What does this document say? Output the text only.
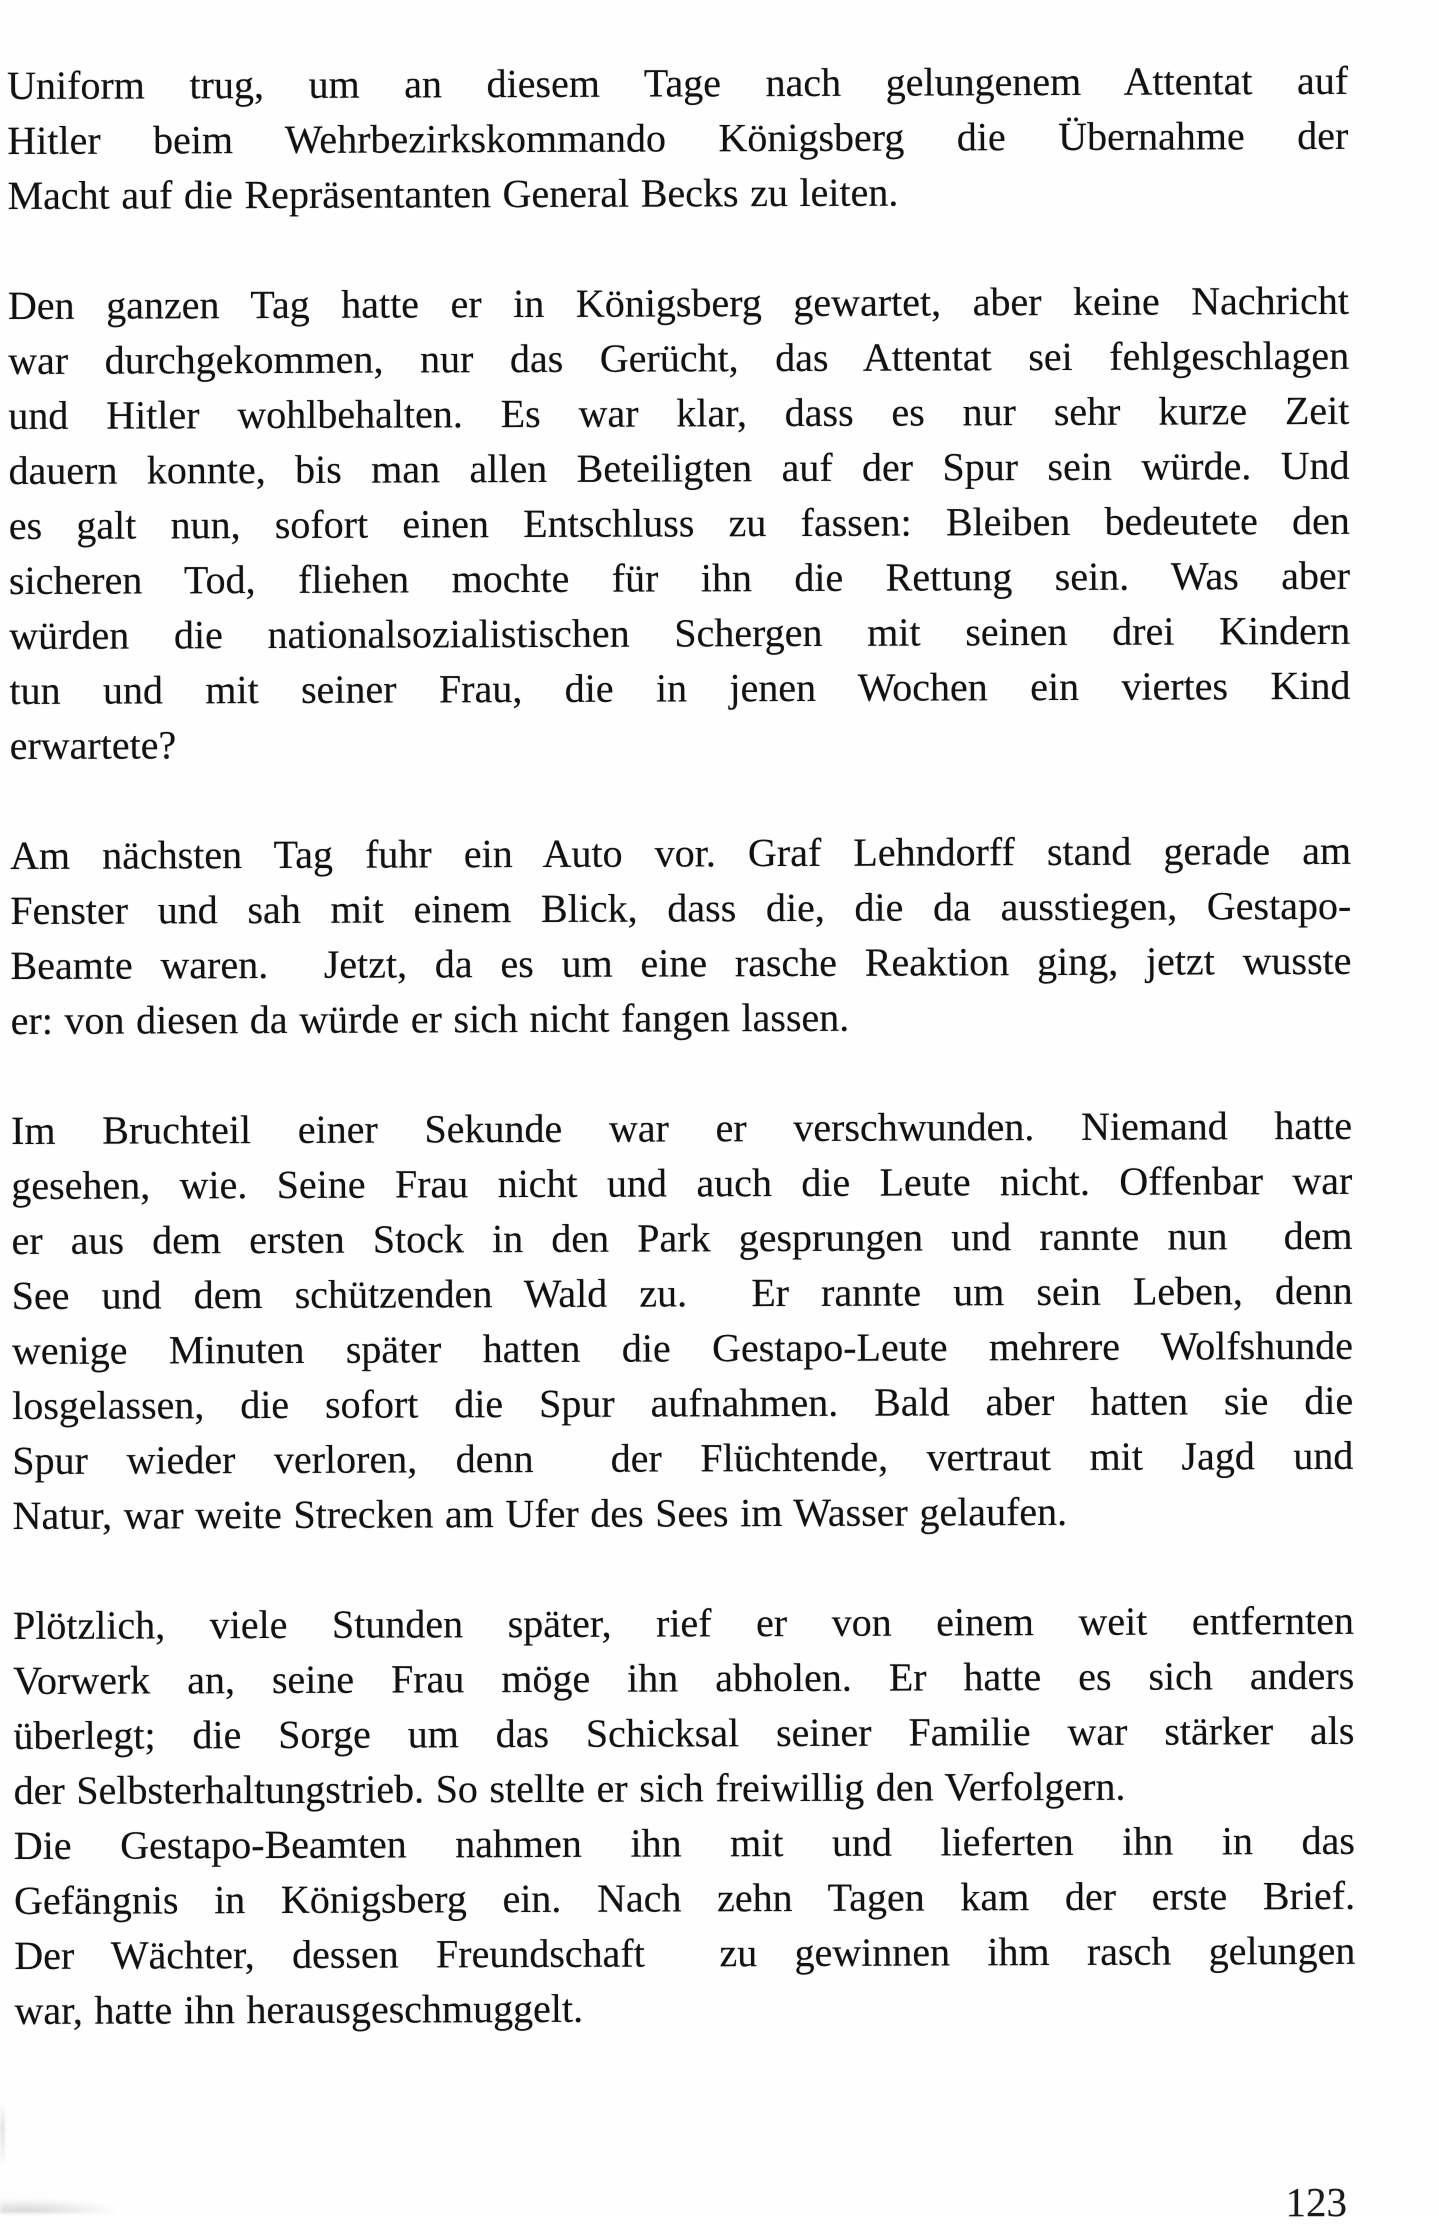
Uniform trug, um an diesem Tage nach gelungenem Attentat auf
Hitler beim Wehrbezirkskommando Königsberg die Übernahme der
Macht auf die Repräsentanten General Becks zu leiten.
Den ganzen Tag hatte er in Königsberg gewartet, aber keine Nachricht
war durchgekommen, nur das Gerücht, das Attentat sei fehlgeschlagen
und Hitler wohlbehalten. Es war klar, dass es nur sehr kurze Zeit
dauern konnte, bis man allen Beteiligten auf der Spur sein würde. Und
es galt nun, sofort einen Entschluss zu fassen: Bleiben bedeutete den
sicheren Tod, fliehen mochte für ihn die Rettung sein. Was aber
würden die nationalsozialistischen Schergen mit seinen drei Kindern
tun und mit seiner Frau, die in jenen Wochen ein viertes Kind
erwartete?
Am nächsten Tag fuhr ein Auto vor. Graf Lehndorff stand gerade am
Fenster und sah mit einem Blick, dass die, die da ausstiegen, Gestapo-
Beamte waren.  Jetzt, da es um eine rasche Reaktion ging, jetzt wusste
er: von diesen da würde er sich nicht fangen lassen.
Im Bruchteil einer Sekunde war er verschwunden. Niemand hatte
gesehen, wie. Seine Frau nicht und auch die Leute nicht. Offenbar war
er aus dem ersten Stock in den Park gesprungen und rannte nun  dem
See und dem schützenden Wald zu.  Er rannte um sein Leben, denn
wenige Minuten später hatten die Gestapo-Leute mehrere Wolfshunde
losgelassen, die sofort die Spur aufnahmen. Bald aber hatten sie die
Spur wieder verloren, denn  der Flüchtende, vertraut mit Jagd und
Natur, war weite Strecken am Ufer des Sees im Wasser gelaufen.
Plötzlich, viele Stunden später, rief er von einem weit entfernten
Vorwerk an, seine Frau möge ihn abholen. Er hatte es sich anders
überlegt; die Sorge um das Schicksal seiner Familie war stärker als
der Selbsterhaltungstrieb. So stellte er sich freiwillig den Verfolgern.
Die Gestapo-Beamten nahmen ihn mit und lieferten ihn in das
Gefängnis in Königsberg ein. Nach zehn Tagen kam der erste Brief.
Der Wächter, dessen Freundschaft  zu gewinnen ihm rasch gelungen
war, hatte ihn herausgeschmuggelt.
123
